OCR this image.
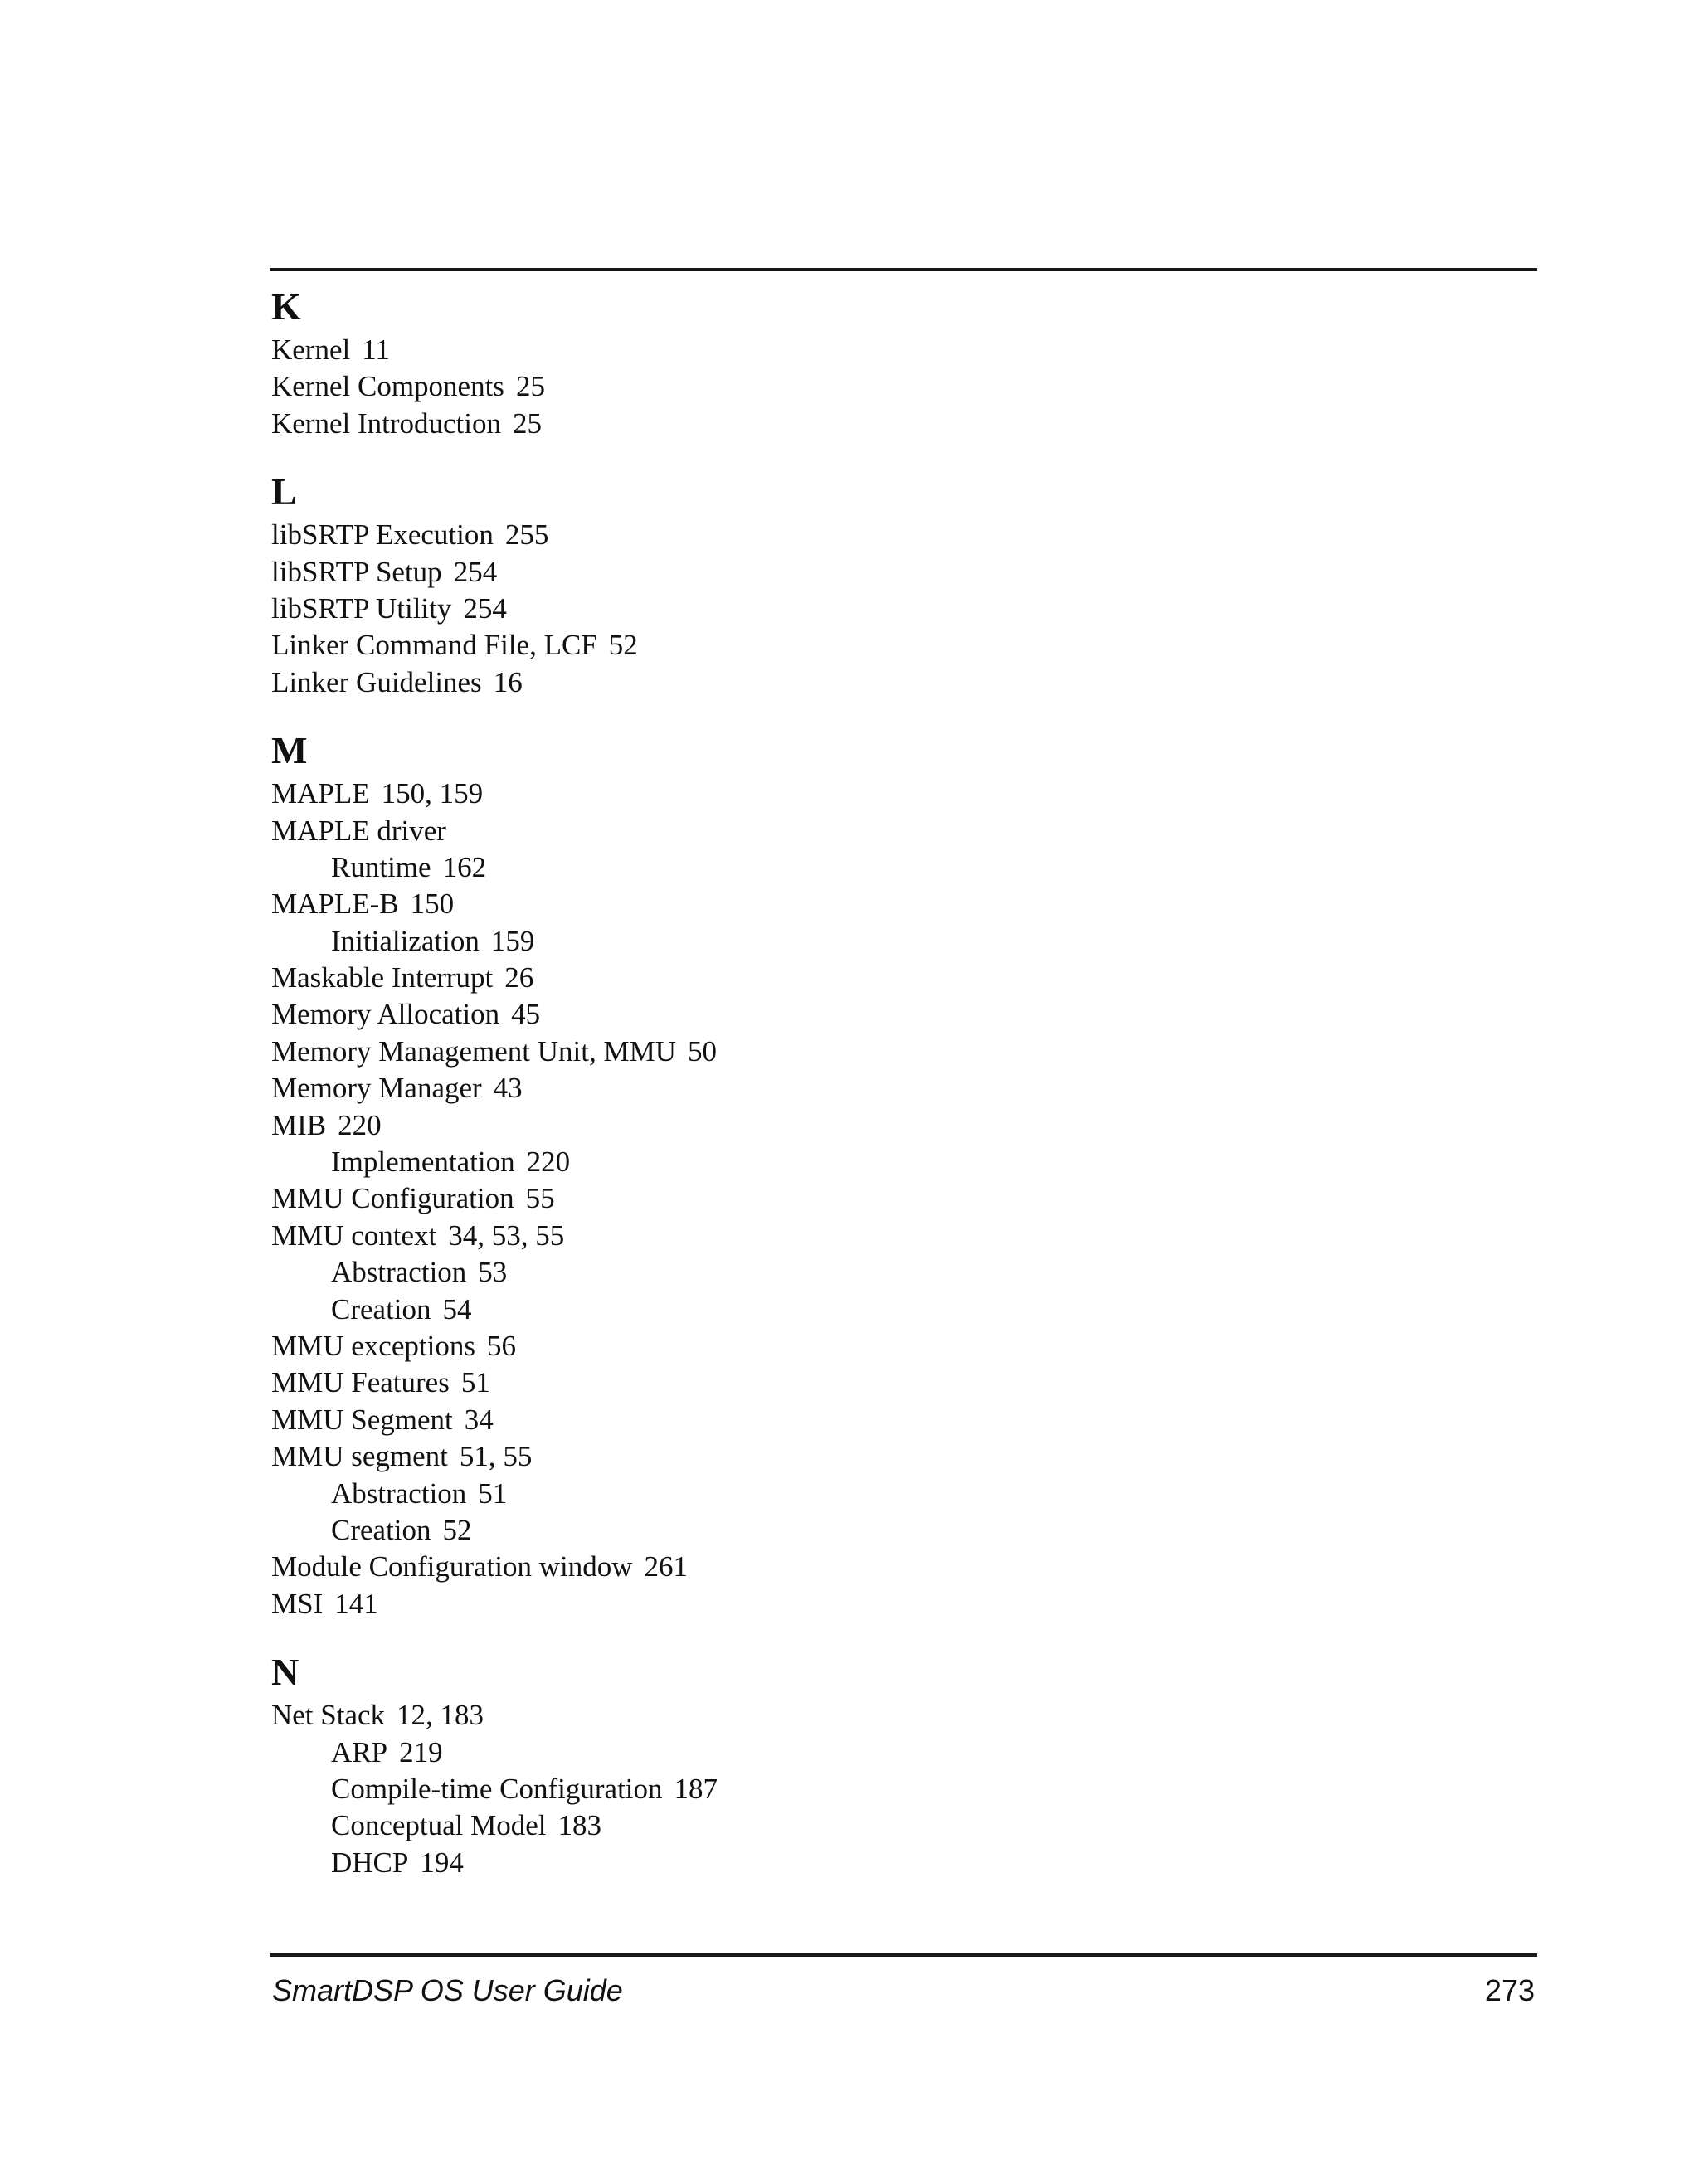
K
Kernel 11
Kernel Components 25
Kernel Introduction 25
L
libSRTP Execution 255
libSRTP Setup 254
libSRTP Utility 254
Linker Command File, LCF 52
Linker Guidelines 16
M
MAPLE 150, 159
MAPLE driver
Runtime 162
MAPLE-B 150
Initialization 159
Maskable Interrupt 26
Memory Allocation 45
Memory Management Unit, MMU 50
Memory Manager 43
MIB 220
Implementation 220
MMU Configuration 55
MMU context 34, 53, 55
Abstraction 53
Creation 54
MMU exceptions 56
MMU Features 51
MMU Segment 34
MMU segment 51, 55
Abstraction 51
Creation 52
Module Configuration window 261
MSI 141
N
Net Stack 12, 183
ARP 219
Compile-time Configuration 187
Conceptual Model 183
DHCP 194
SmartDSP OS User Guide	273
